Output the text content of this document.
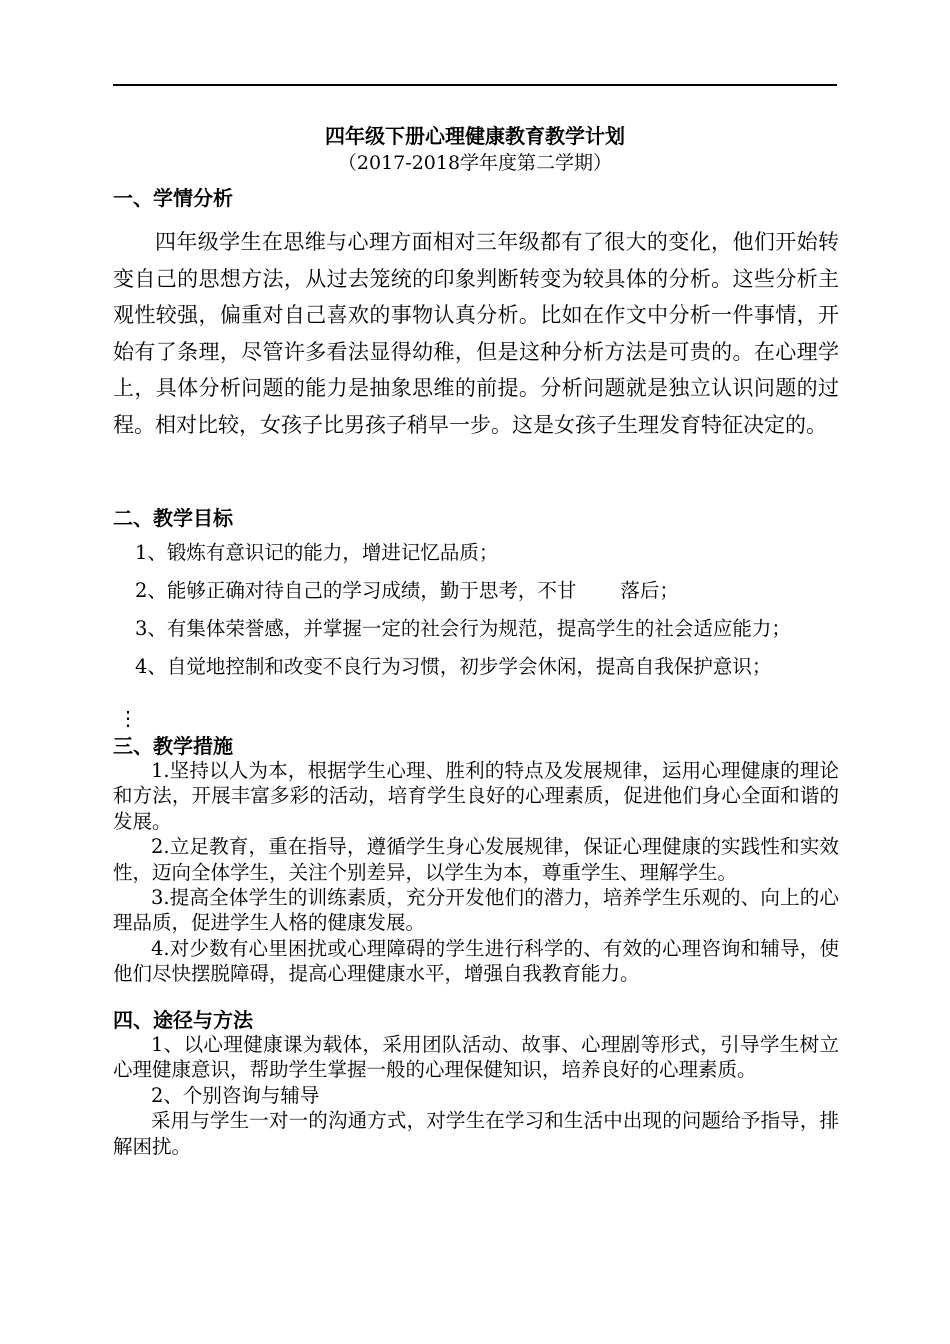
四年级下册心理健康教育教学计划
（2017-2018学年度第二学期）
一、学情分析

四年级学生在思维与心理方面相对三年级都有了很大的变化，他们开始转变自己的思想方法，从过去笼统的印象判断转变为较具体的分析。这些分析主观性较强，偏重对自己喜欢的事物认真分析。比如在作文中分析一件事情，开始有了条理，尽管许多看法显得幼稚，但是这种分析方法是可贵的。在心理学上，具体分析问题的能力是抽象思维的前提。分析问题就是独立认识问题的过程。相对比较，女孩子比男孩子稍早一步。这是女孩子生理发育特征决定的。

二、教学目标
1、锻炼有意识记的能力，增进记忆品质；
2、能够正确对待自己的学习成绩，勤于思考，不甘 落后；
3、有集体荣誉感，并掌握一定的社会行为规范，提高学生的社会适应能力；
4、自觉地控制和改变不良行为习惯，初步学会休闲，提高自我保护意识；
⋮
三、教学措施

1.坚持以人为本，根据学生心理、胜利的特点及发展规律，运用心理健康的理论和方法，开展丰富多彩的活动，培育学生良好的心理素质，促进他们身心全面和谐的发展。

2.立足教育，重在指导，遵循学生身心发展规律，保证心理健康的实践性和实效性，迈向全体学生，关注个别差异，以学生为本，尊重学生、理解学生。

3.提高全体学生的训练素质，充分开发他们的潜力，培养学生乐观的、向上的心理品质，促进学生人格的健康发展。

4.对少数有心里困扰或心理障碍的学生进行科学的、有效的心理咨询和辅导，使他们尽快摆脱障碍，提高心理健康水平，增强自我教育能力。

四、途径与方法

1、以心理健康课为载体，采用团队活动、故事、心理剧等形式，引导学生树立心理健康意识，帮助学生掌握一般的心理保健知识，培养良好的心理素质。

2、个别咨询与辅导

采用与学生一对一的沟通方式，对学生在学习和生活中出现的问题给予指导，排解困扰。
